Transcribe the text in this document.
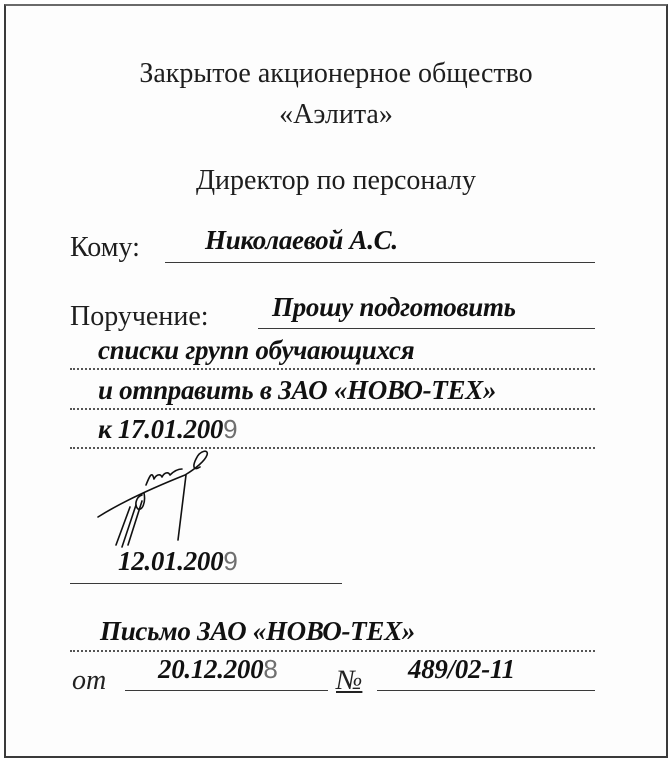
Закрытое акционерное общество
«Аэлита»
Директор по персоналу
Кому: Николаевой А.С.
Поручение: Прошу подготовить
списки групп обучающихся
и отправить в ЗАО «НОВО-ТЕХ»
к 17.01.2009
12.01.2009
Письмо ЗАО «НОВО-ТЕХ»
от 20.12.2008 № 489/02-11
